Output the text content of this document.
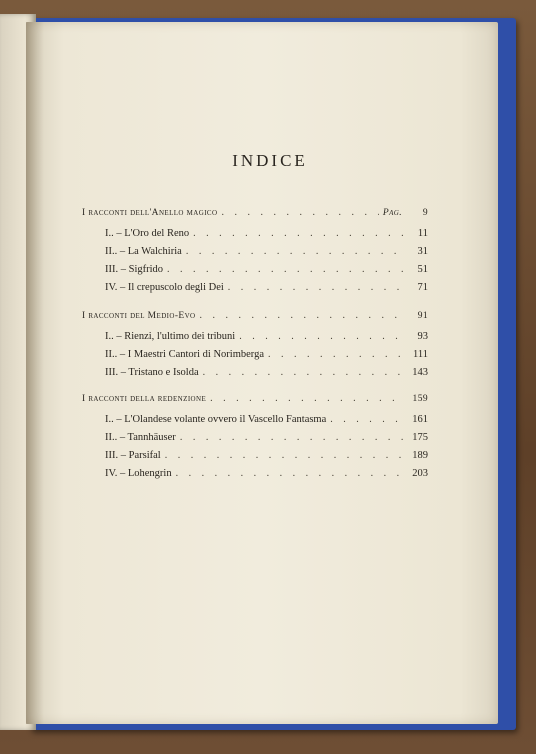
INDICE
I racconti dell'Anello magico . . .	Pag.	9
I.. – L'Oro del Reno . . .	11
II.. – La Walchiria . . .	31
III. – Sigfrido . . .	51
IV. – Il crepuscolo degli Dei . . .	71
I racconti del Medio-Evo . . .	91
I.. – Rienzi, l'ultimo dei tribuni . . .	93
II.. – I Maestri Cantori di Norimberga . . .	111
III. – Tristano e Isolda . . .	143
I racconti della redenzione . . .	159
I.. – L'Olandese volante ovvero il Vascello Fantasma . . .	161
II.. – Tannhäuser . . .	175
III. – Parsifal . . .	189
IV. – Lohengrin . . .	203
